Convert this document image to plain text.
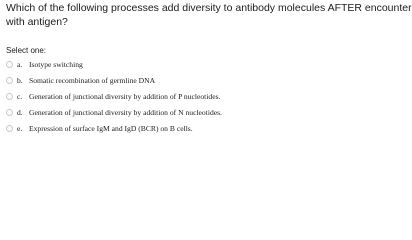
Which of the following processes add diversity to antibody molecules AFTER encounter
with antigen?

Select one:

a. Isotype switching
b. Somatic recombination of germline DNA
c. Generation of junctional diversity by addition of P nucleotides.
d. Generation of junctional diversity by addition of N nucleotides.
e. Expression of surface IgM and IgD (BCR) on B cells.
